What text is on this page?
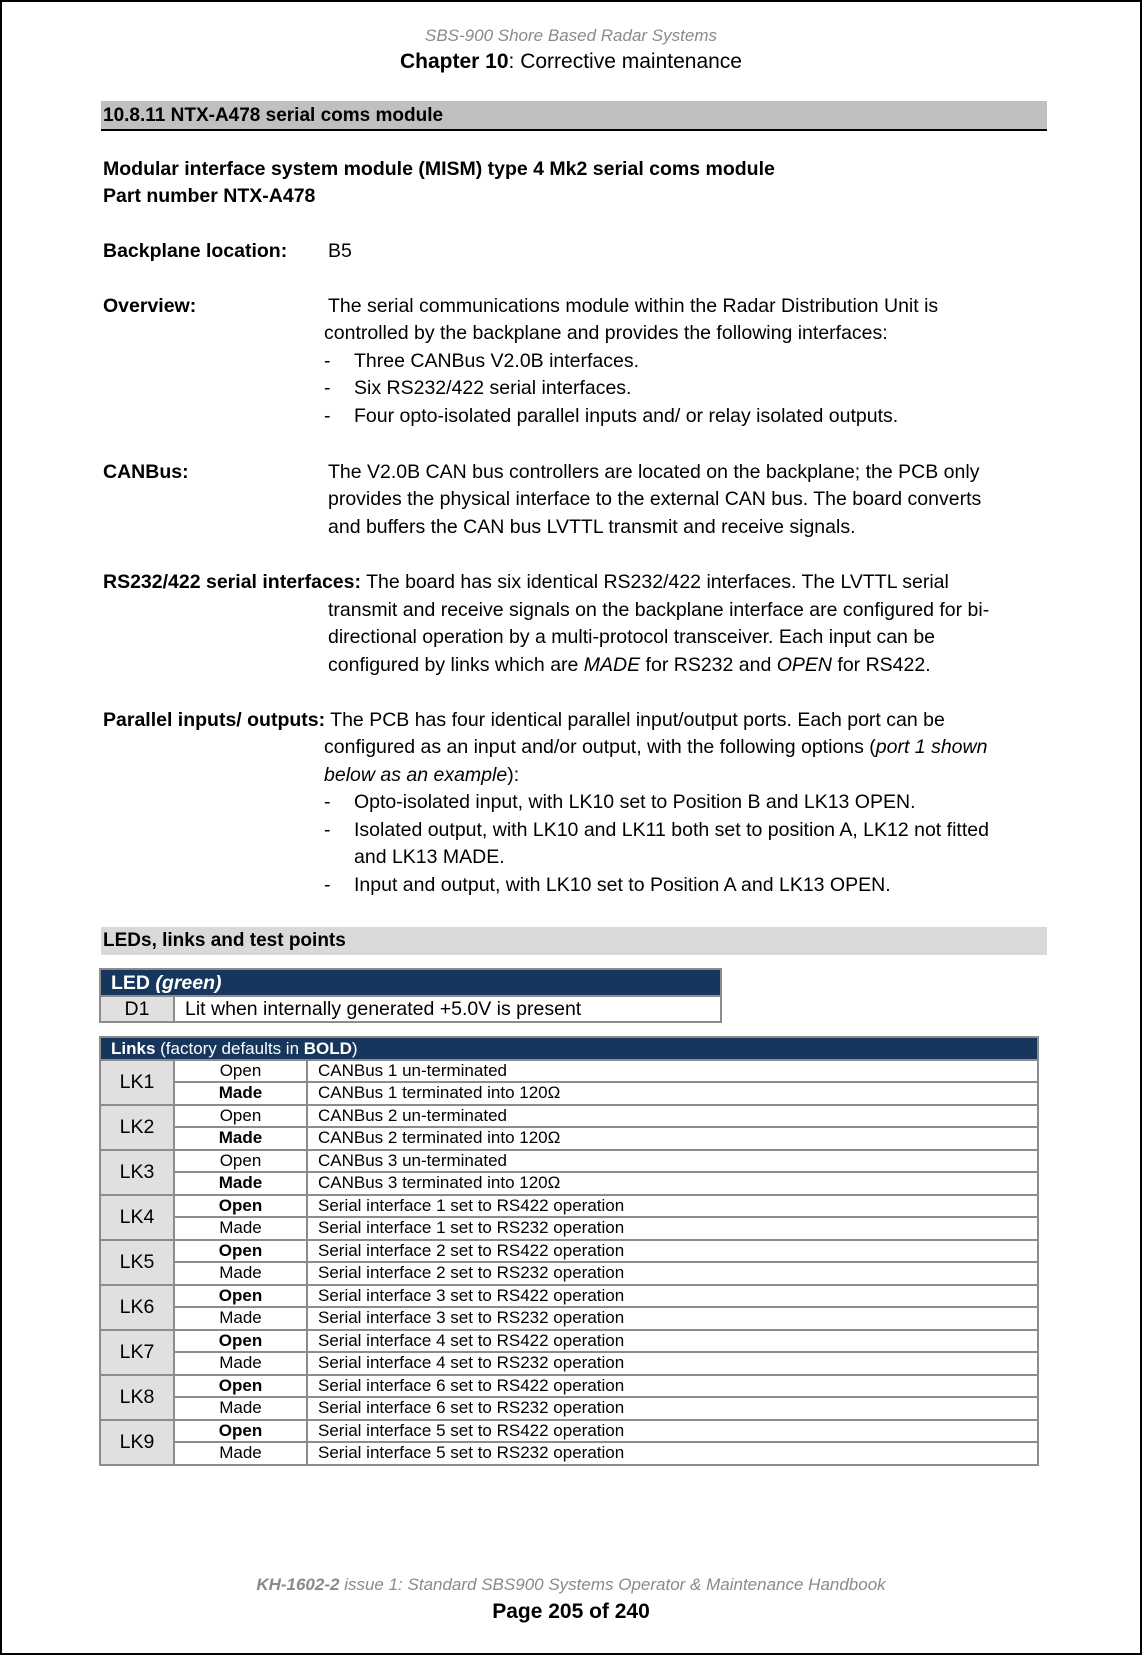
SBS-900 Shore Based Radar Systems
Chapter 10: Corrective maintenance
10.8.11 NTX-A478 serial coms module
Modular interface system module (MISM) type 4 Mk2 serial coms module
Part number NTX-A478
Backplane location: B5
Overview:	The serial communications module within the Radar Distribution Unit is
controlled by the backplane and provides the following interfaces:
- Three CANBus V2.0B interfaces.
- Six RS232/422 serial interfaces.
- Four opto-isolated parallel inputs and/ or relay isolated outputs.
CANBus:	The V2.0B CAN bus controllers are located on the backplane; the PCB only
provides the physical interface to the external CAN bus. The board converts
and buffers the CAN bus LVTTL transmit and receive signals.
RS232/422 serial interfaces: The board has six identical RS232/422 interfaces. The LVTTL serial
transmit and receive signals on the backplane interface are configured for bi-
directional operation by a multi-protocol transceiver. Each input can be
configured by links which are MADE for RS232 and OPEN for RS422.
Parallel inputs/ outputs: The PCB has four identical parallel input/output ports. Each port can be
configured as an input and/or output, with the following options (port 1 shown
below as an example):
- Opto-isolated input, with LK10 set to Position B and LK13 OPEN.
- Isolated output, with LK10 and LK11 both set to position A, LK12 not fitted
and LK13 MADE.
- Input and output, with LK10 set to Position A and LK13 OPEN.
LEDs, links and test points
LED (green)
D1	Lit when internally generated +5.0V is present
Links (factory defaults in BOLD)		
LK1	Open	CANBus 1 un-terminated
	Made	CANBus 1 terminated into 120Ω
LK2	Open	CANBus 2 un-terminated
	Made	CANBus 2 terminated into 120Ω
LK3	Open	CANBus 3 un-terminated
	Made	CANBus 3 terminated into 120Ω
LK4	Open	Serial interface 1 set to RS422 operation
	Made	Serial interface 1 set to RS232 operation
LK5	Open	Serial interface 2 set to RS422 operation
	Made	Serial interface 2 set to RS232 operation
LK6	Open	Serial interface 3 set to RS422 operation
	Made	Serial interface 3 set to RS232 operation
LK7	Open	Serial interface 4 set to RS422 operation
	Made	Serial interface 4 set to RS232 operation
LK8	Open	Serial interface 6 set to RS422 operation
	Made	Serial interface 6 set to RS232 operation
LK9	Open	Serial interface 5 set to RS422 operation
	Made	Serial interface 5 set to RS232 operation
KH-1602-2 issue 1: Standard SBS900 Systems Operator & Maintenance Handbook
Page 205 of 240
